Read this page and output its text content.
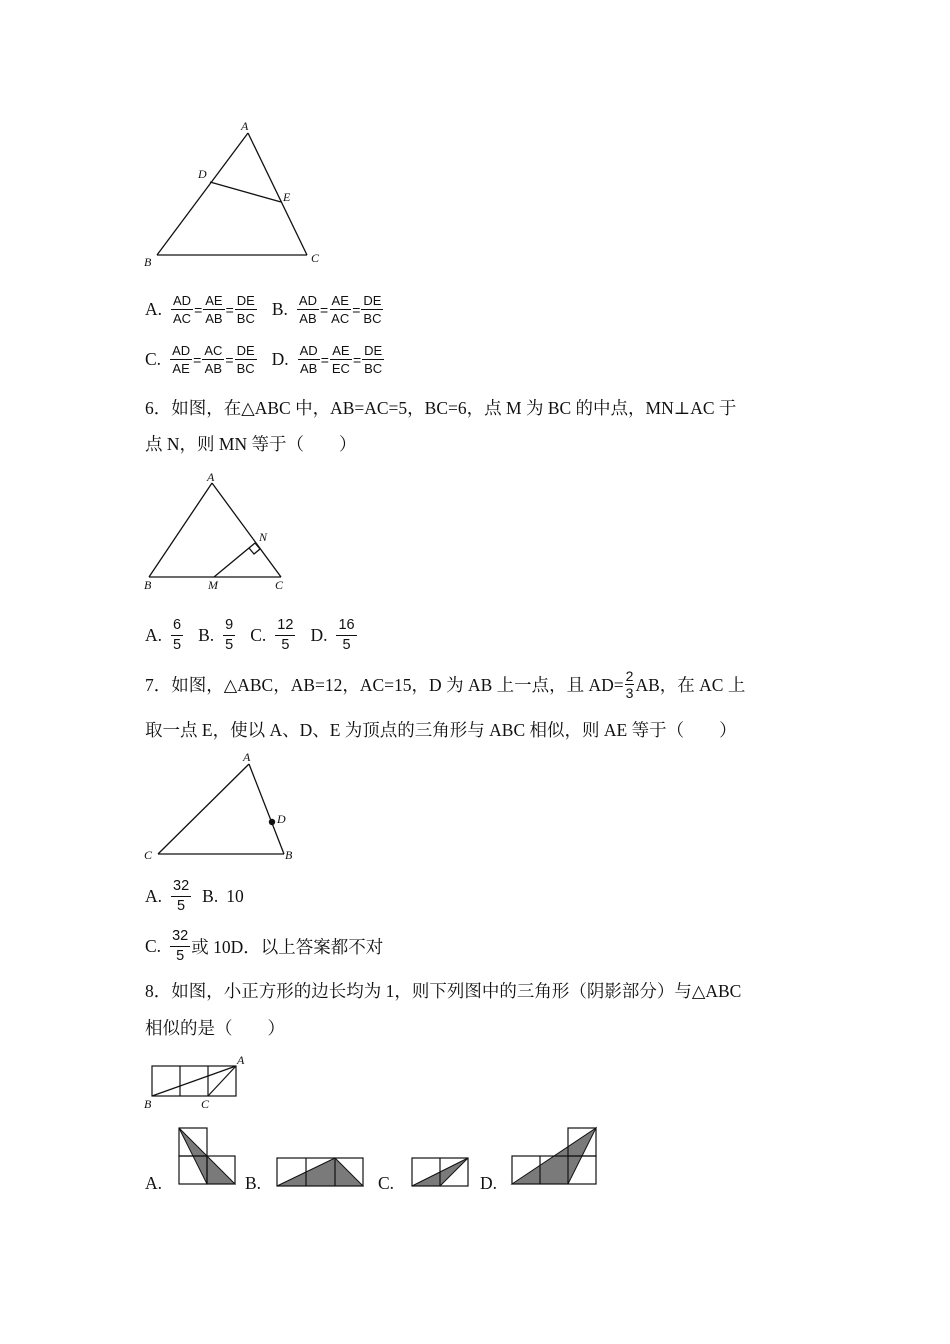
A
D
E
B	C
A. $\frac{AD}{AC} = \frac{AE}{AB} = \frac{DE}{BC} B$. $\frac{AD}{AB} = \frac{AE}{AC} = \frac{DE}{BC}$
C. $\frac{AD}{AE} = \frac{AC}{AB} = \frac{DE}{BC} D$. $\frac{AD}{AB} = \frac{AE}{EC} = \frac{DE}{BC}$
6．如图，在△ABC 中，AB=AC=5，BC=6，点 M 为 BC 的中点，MN⊥AC 于
点 N，则 MN 等于（　　）
A
N
B	M	C
A. $\frac{6}{5} B$. $\frac{9}{5} C$. $\frac{12}{5} D$. $\frac{16}{5}$
7．如图，△ABC，AB=12，AC=15，D 为 AB 上一点，且 $AD= \frac{2}{3}$ AB，在 AC 上
取一点 E，使以 A、D、E 为顶点的三角形与 ABC 相似，则 AE 等于（　　）
A
D
C	B
A. $\frac{32}{5} B$. 10
C. $\frac{32}{5}$ 或 10D．以上答案都不对
8．如图，小正方形的边长均为 1，则下列图中的三角形（阴影部分）与△ABC
相似的是（　　）
A
B	C
A.	B.	C.	D.
